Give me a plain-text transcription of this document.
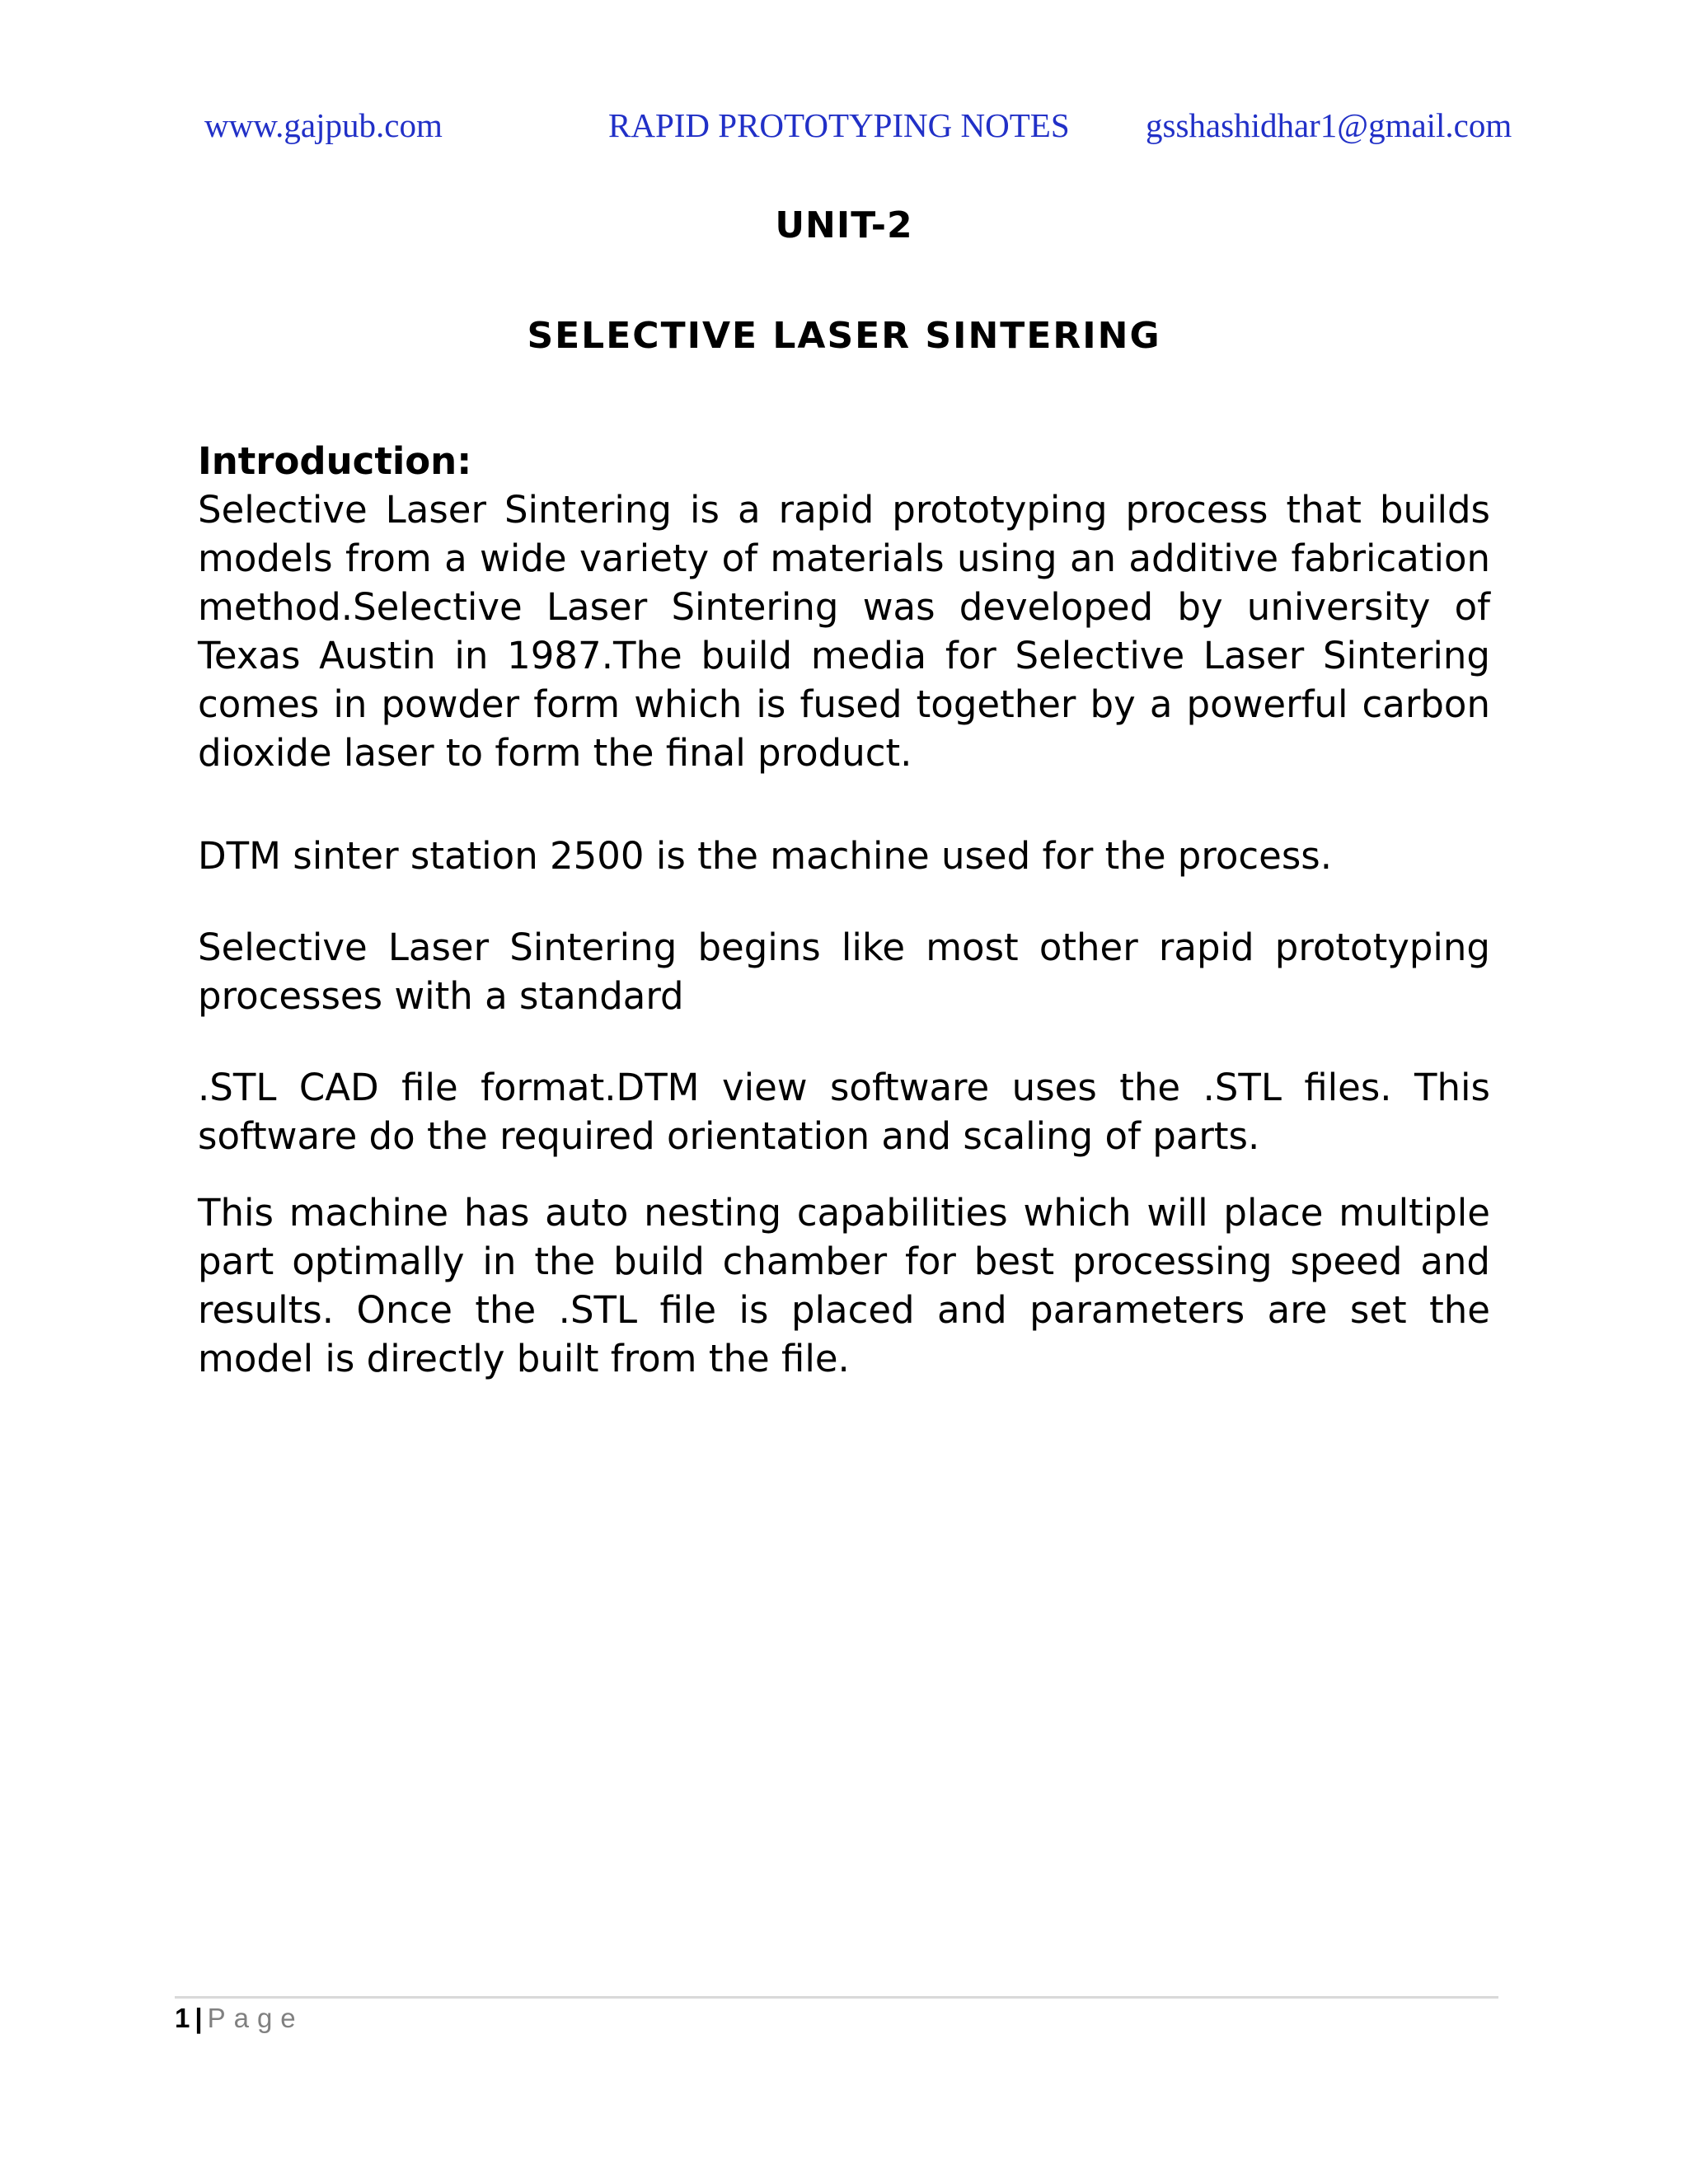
www.gajpub.com	RAPID PROTOTYPING NOTES gsshashidhar1@gmail.com
UNIT-2
SELECTIVE LASER SINTERING

Introduction:

Selective Laser Sintering is a rapid prototyping process that builds models from a wide variety of materials using an additive fabrication method.Selective Laser Sintering was developed by university of Texas Austin in 1987.The build media for Selective Laser Sintering comes in powder form which is fused together by a powerful carbon dioxide laser to form the final product.

DTM sinter station 2500 is the machine used for the process.

Selective Laser Sintering begins like most other rapid prototyping processes with a standard

.STL CAD file format.DTM view software uses the .STL files. This software do the required orientation and scaling of parts.

This machine has auto nesting capabilities which will place multiple part optimally in the build chamber for best processing speed and results. Once the .STL file is placed and parameters are set the model is directly built from the file.

1 | Page
